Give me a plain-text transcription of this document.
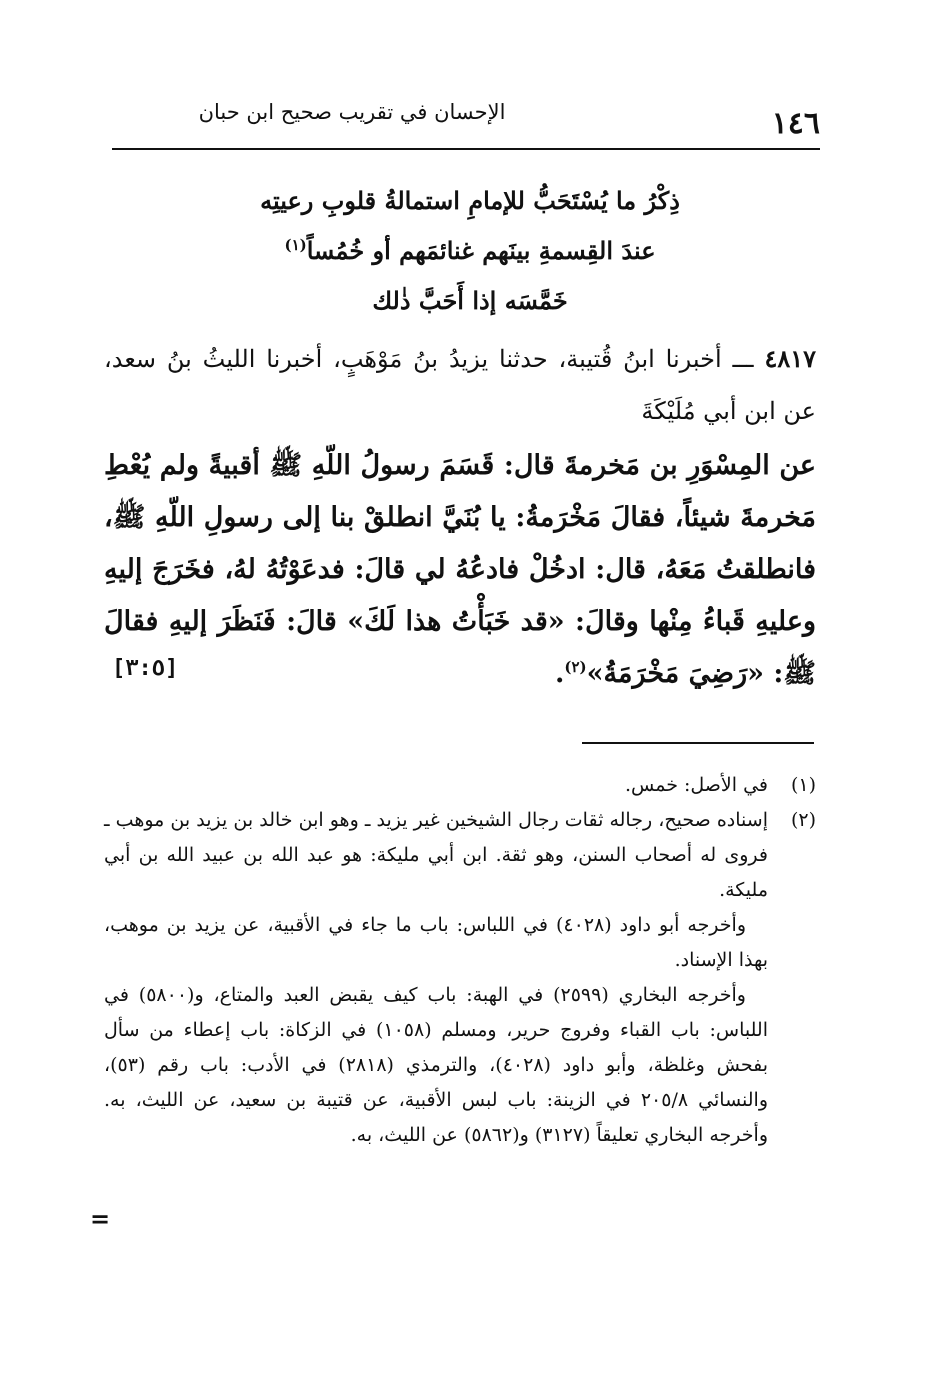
١٤٦
الإحسان في تقريب صحيح ابن حبان
ذِكْرُ ما يُسْتَحَبُّ للإمامِ استمالةُ قلوبِ رعيتِه
عندَ القِسمةِ بينَهم غنائمَهم أو خُمُساً$^{(١)}$
خَمَّسَه إذا أَحَبَّ ذٰلك
٤٨١٧ ـــ أخبرنا ابنُ قُتيبة، حدثنا يزيدُ بنُ مَوْهَبٍ، أخبرنا الليثُ بنُ سعد، عن ابن أبي مُلَيْكَةَ
عن المِسْوَرِ بن مَخرمةَ قال: قَسَمَ رسولُ اللّهِ ﷺ أقبيةً ولم يُعْطِ مَخرمةَ شيئاً، فقالَ مَخْرَمةُ: يا بُنَيَّ انطلقْ بنا إلى رسولِ اللّهِ ﷺ، فانطلقتُ مَعَهُ، قال: ادخُلْ فادعُهُ لي قالَ: فدعَوْتُهُ لهُ، فخَرَجَ إليهِ وعليهِ قَباءُ مِنْها وقالَ: «قد خَبَأْتُ هذا لَكَ» قالَ: فَنَظَرَ إليهِ فقالَ ﷺ: «رَضِيَ مَخْرَمَةُ»$^{(٢)}$.
[٣:٥]
(١)
في الأصل: خمس.
(٢)
إسناده صحيح، رجاله ثقات رجال الشيخين غير يزيد ـ وهو ابن خالد بن يزيد بن موهب ـ فروى له أصحاب السنن، وهو ثقة. ابن أبي مليكة: هو عبد الله بن عبيد الله بن أبي مليكة.
وأخرجه أبو داود (٤٠٢٨) في اللباس: باب ما جاء في الأقبية، عن يزيد بن موهب، بهذا الإسناد.
وأخرجه البخاري (٢٥٩٩) في الهبة: باب كيف يقبض العبد والمتاع، و(٥٨٠٠) في اللباس: باب القباء وفروج حرير، ومسلم (١٠٥٨) في الزكاة: باب إعطاء من سأل بفحش وغلظة، وأبو داود (٤٠٢٨)، والترمذي (٢٨١٨) في الأدب: باب رقم (٥٣)، والنسائي ٢٠٥/٨ في الزينة: باب لبس الأقبية، عن قتيبة بن سعيد، عن الليث، به. وأخرجه البخاري تعليقاً (٣١٢٧) و(٥٨٦٢) عن الليث، به.
=
